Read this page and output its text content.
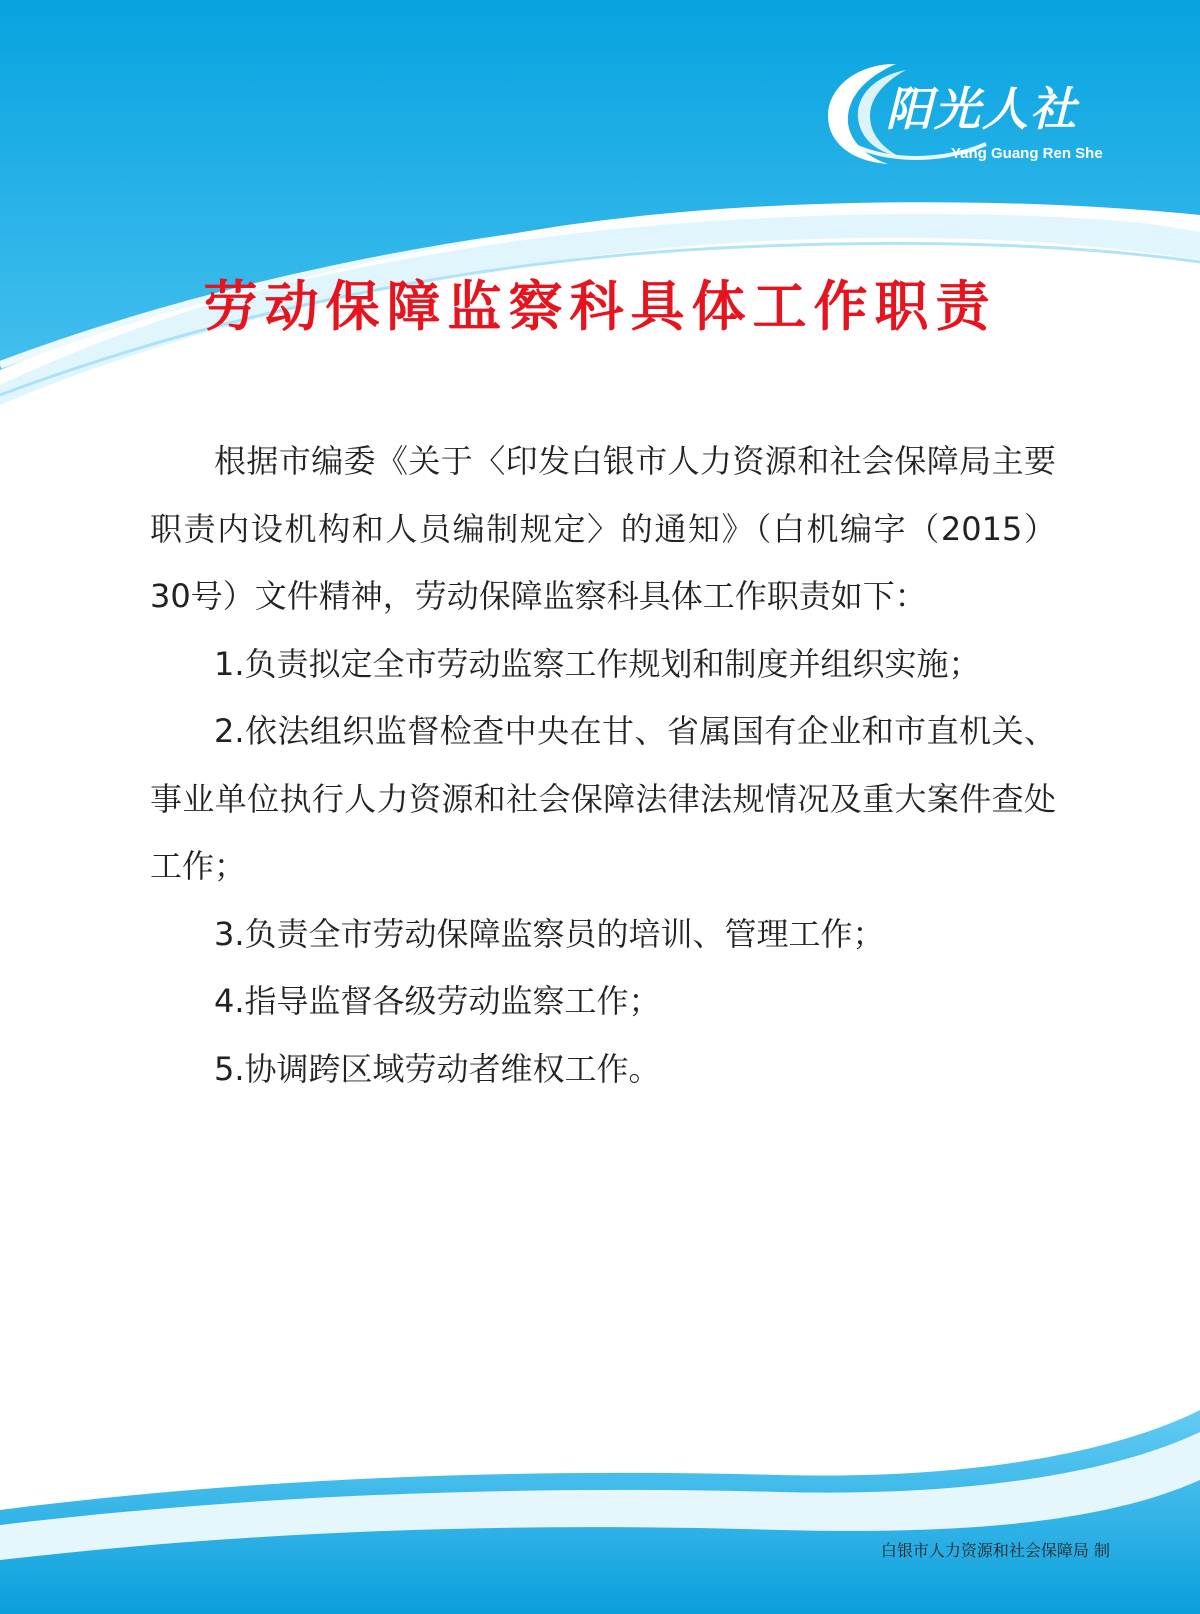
阳光人社
Yang Guang Ren She
劳动保障监察科具体工作职责

根据市编委《关于〈印发白银市人力资源和社会保障局主要职责内设机构和人员编制规定〉的通知》（白机编字（2015）30号）文件精神，劳动保障监察科具体工作职责如下：

1.负责拟定全市劳动监察工作规划和制度并组织实施；

2.依法组织监督检查中央在甘、省属国有企业和市直机关、事业单位执行人力资源和社会保障法律法规情况及重大案件查处工作；

3.负责全市劳动保障监察员的培训、管理工作；

4.指导监督各级劳动监察工作；

5.协调跨区域劳动者维权工作。

白银市人力资源和社会保障局 制
